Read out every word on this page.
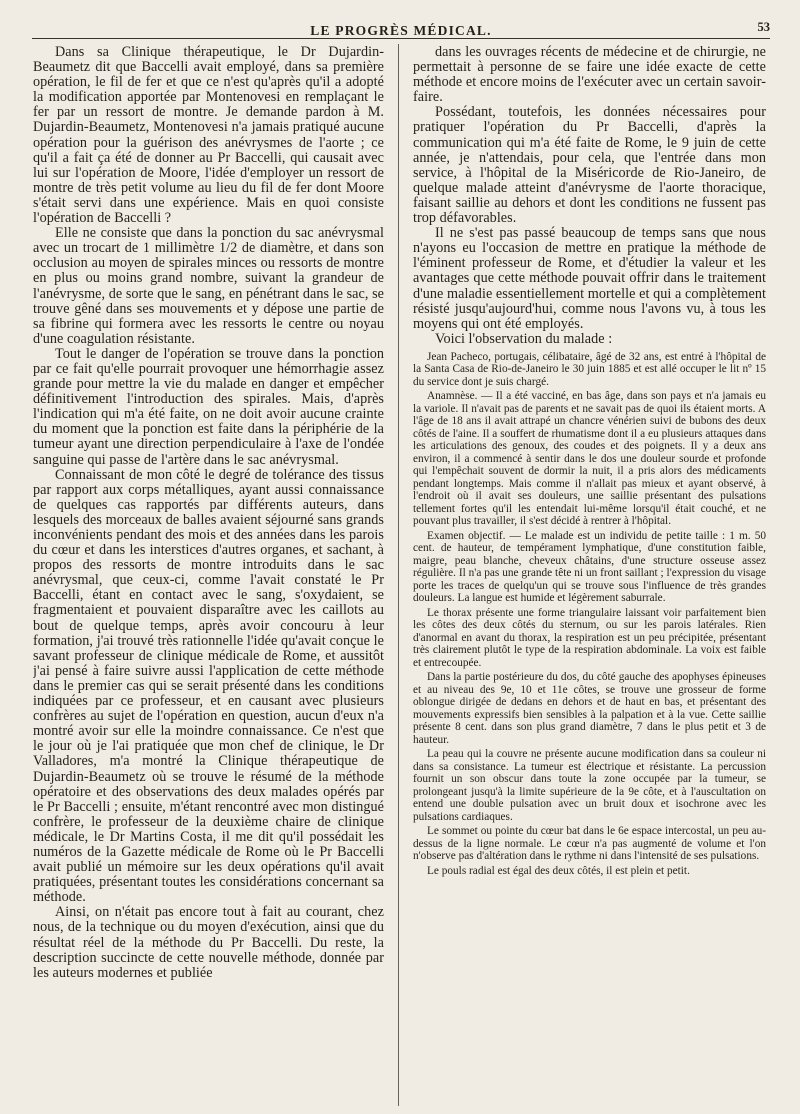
LE PROGRÈS MÉDICAL.	53

Dans sa Clinique thérapeutique, le Dr Dujardin-Beaumetz dit que Baccelli avait employé, dans sa première opération, le fil de fer et que ce n'est qu'après qu'il a adopté la modification apportée par Montenovesi en remplaçant le fer par un ressort de montre. Je demande pardon à M. Dujardin-Beaumetz, Montenovesi n'a jamais pratiqué aucune opération pour la guérison des anévrysmes de l'aorte ; ce qu'il a fait ça été de donner au Pr Baccelli, qui causait avec lui sur l'opération de Moore, l'idée d'employer un ressort de montre de très petit volume au lieu du fil de fer dont Moore s'était servi dans une expérience. Mais en quoi consiste l'opération de Baccelli ?

Elle ne consiste que dans la ponction du sac anévrysmal avec un trocart de 1 millimètre 1/2 de diamètre, et dans son occlusion au moyen de spirales minces ou ressorts de montre en plus ou moins grand nombre, suivant la grandeur de l'anévrysme, de sorte que le sang, en pénétrant dans le sac, se trouve gêné dans ses mouvements et y dépose une partie de sa fibrine qui formera avec les ressorts le centre ou noyau d'une coagulation résistante.

Tout le danger de l'opération se trouve dans la ponction par ce fait qu'elle pourrait provoquer une hémorrhagie assez grande pour mettre la vie du malade en danger et empêcher définitivement l'introduction des spirales. Mais, d'après l'indication qui m'a été faite, on ne doit avoir aucune crainte du moment que la ponction est faite dans la périphérie de la tumeur ayant une direction perpendiculaire à l'axe de l'ondée sanguine qui passe de l'artère dans le sac anévrysmal.

Connaissant de mon côté le degré de tolérance des tissus par rapport aux corps métalliques, ayant aussi connaissance de quelques cas rapportés par différents auteurs, dans lesquels des morceaux de balles avaient séjourné sans grands inconvénients pendant des mois et des années dans les parois du cœur et dans les interstices d'autres organes, et sachant, à propos des ressorts de montre introduits dans le sac anévrysmal, que ceux-ci, comme l'avait constaté le Pr Baccelli, étant en contact avec le sang, s'oxydaient, se fragmentaient et pouvaient disparaître avec les caillots au bout de quelque temps, après avoir concouru à leur formation, j'ai trouvé très rationnelle l'idée qu'avait conçue le savant professeur de clinique médicale de Rome, et aussitôt j'ai pensé à faire suivre aussi l'application de cette méthode dans le premier cas qui se serait présenté dans les conditions indiquées par ce professeur, et en causant avec plusieurs confrères au sujet de l'opération en question, aucun d'eux n'a montré avoir sur elle la moindre connaissance. Ce n'est que le jour où je l'ai pratiquée que mon chef de clinique, le Dr Valladores, m'a montré la Clinique thérapeutique de Dujardin-Beaumetz où se trouve le résumé de la méthode opératoire et des observations des deux malades opérés par le Pr Baccelli ; ensuite, m'étant rencontré avec mon distingué confrère, le professeur de la deuxième chaire de clinique médicale, le Dr Martins Costa, il me dit qu'il possédait les numéros de la Gazette médicale de Rome où le Pr Baccelli avait publié un mémoire sur les deux opérations qu'il avait pratiquées, présentant toutes les considérations concernant sa méthode.

Ainsi, on n'était pas encore tout à fait au courant, chez nous, de la technique ou du moyen d'exécution, ainsi que du résultat réel de la méthode du Pr Baccelli. Du reste, la description succincte de cette nouvelle méthode, donnée par les auteurs modernes et publiée

dans les ouvrages récents de médecine et de chirurgie, ne permettait à personne de se faire une idée exacte de cette méthode et encore moins de l'exécuter avec un certain savoir-faire.

Possédant, toutefois, les données nécessaires pour pratiquer l'opération du Pr Baccelli, d'après la communication qui m'a été faite de Rome, le 9 juin de cette année, je n'attendais, pour cela, que l'entrée dans mon service, à l'hôpital de la Miséricorde de Rio-Janeiro, de quelque malade atteint d'anévrysme de l'aorte thoracique, faisant saillie au dehors et dont les conditions ne fussent pas trop défavorables.

Il ne s'est pas passé beaucoup de temps sans que nous n'ayons eu l'occasion de mettre en pratique la méthode de l'éminent professeur de Rome, et d'étudier la valeur et les avantages que cette méthode pouvait offrir dans le traitement d'une maladie essentiellement mortelle et qui a complètement résisté jusqu'aujourd'hui, comme nous l'avons vu, à tous les moyens qui ont été employés.

Voici l'observation du malade :

Jean Pacheco, portugais, célibataire, âgé de 32 ans, est entré à l'hôpital de la Santa Casa de Rio-de-Janeiro le 30 juin 1885 et est allé occuper le lit nº 15 du service dont je suis chargé.

Anamnèse. — Il a été vacciné, en bas âge, dans son pays et n'a jamais eu la variole. Il n'avait pas de parents et ne savait pas de quoi ils étaient morts. A l'âge de 18 ans il avait attrapé un chancre vénérien suivi de bubons des deux côtés de l'aine. Il a souffert de rhumatisme dont il a eu plusieurs attaques dans les articulations des genoux, des coudes et des poignets. Il y a deux ans environ, il a commencé à sentir dans le dos une douleur sourde et profonde qui l'empêchait souvent de dormir la nuit, il a pris alors des médicaments pendant longtemps. Mais comme il n'allait pas mieux et ayant observé, à l'endroit où il avait ses douleurs, une saillie présentant des pulsations tellement fortes qu'il les entendait lui-même lorsqu'il était couché, et ne pouvant plus travailler, il s'est décidé à rentrer à l'hôpital.

Examen objectif. — Le malade est un individu de petite taille : 1 m. 50 cent. de hauteur, de tempérament lymphatique, d'une constitution faible, maigre, peau blanche, cheveux châtains, d'une structure osseuse assez régulière. Il n'a pas une grande tête ni un front saillant ; l'expression du visage porte les traces de quelqu'un qui se trouve sous l'influence de très grandes douleurs. La langue est humide et légèrement saburrale.

Le thorax présente une forme triangulaire laissant voir parfaitement bien les côtes des deux côtés du sternum, ou sur les parois latérales. Rien d'anormal en avant du thorax, la respiration est un peu précipitée, présentant très clairement plutôt le type de la respiration abdominale. La voix est faible et entrecoupée.

Dans la partie postérieure du dos, du côté gauche des apophyses épineuses et au niveau des 9e, 10 et 11e côtes, se trouve une grosseur de forme oblongue dirigée de dedans en dehors et de haut en bas, et présentant des mouvements expressifs bien sensibles à la palpation et à la vue. Cette saillie présente 8 cent. dans son plus grand diamètre, 7 dans le plus petit et 3 de hauteur.

La peau qui la couvre ne présente aucune modification dans sa couleur ni dans sa consistance. La tumeur est électrique et résistante. La percussion fournit un son obscur dans toute la zone occupée par la tumeur, se prolongeant jusqu'à la limite supérieure de la 9e côte, et à l'auscultation on entend une double pulsation avec un bruit doux et isochrone avec les pulsations cardiaques.

Le sommet ou pointe du cœur bat dans le 6e espace intercostal, un peu au-dessus de la ligne normale. Le cœur n'a pas augmenté de volume et l'on n'observe pas d'altération dans le rythme ni dans l'intensité de ses pulsations.

Le pouls radial est égal des deux côtés, il est plein et petit.
